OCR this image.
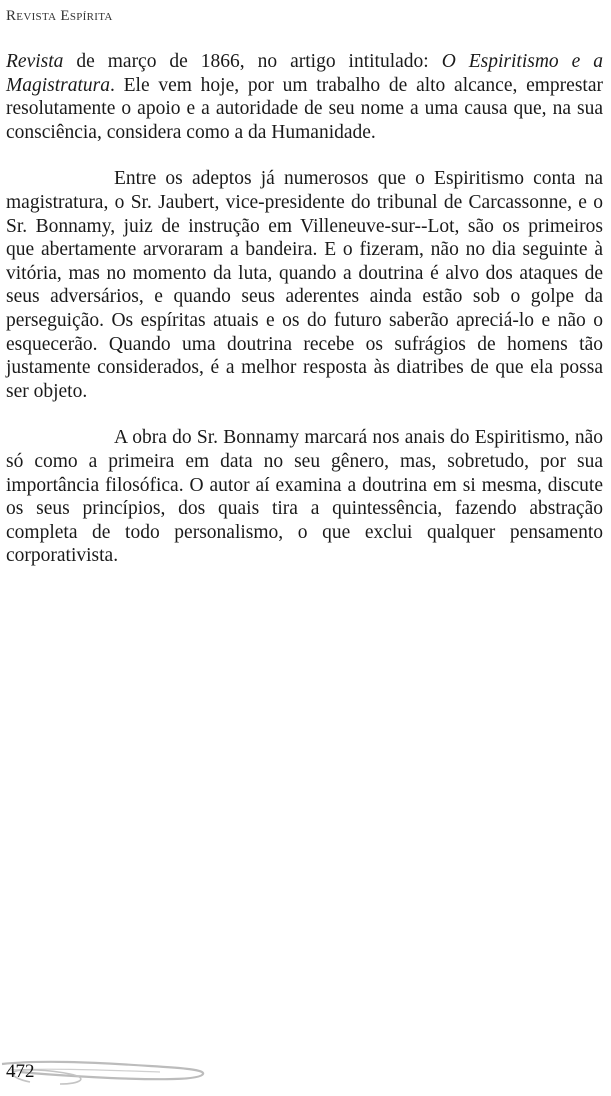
Revista Espírita

Revista de março de 1866, no artigo intitulado: O Espiritismo e a Magistratura. Ele vem hoje, por um trabalho de alto alcance, emprestar resolutamente o apoio e a autoridade de seu nome a uma causa que, na sua consciência, considera como a da Humanidade.

Entre os adeptos já numerosos que o Espiritismo conta na magistratura, o Sr. Jaubert, vice-presidente do tribunal de Carcassonne, e o Sr. Bonnamy, juiz de instrução em Villeneuve-sur--Lot, são os primeiros que abertamente arvoraram a bandeira. E o fizeram, não no dia seguinte à vitória, mas no momento da luta, quando a doutrina é alvo dos ataques de seus adversários, e quando seus aderentes ainda estão sob o golpe da perseguição. Os espíritas atuais e os do futuro saberão apreciá-lo e não o esquecerão. Quando uma doutrina recebe os sufrágios de homens tão justamente considerados, é a melhor resposta às diatribes de que ela possa ser objeto.

A obra do Sr. Bonnamy marcará nos anais do Espiritismo, não só como a primeira em data no seu gênero, mas, sobretudo, por sua importância filosófica. O autor aí examina a doutrina em si mesma, discute os seus princípios, dos quais tira a quintessência, fazendo abstração completa de todo personalismo, o que exclui qualquer pensamento corporativista.

472
